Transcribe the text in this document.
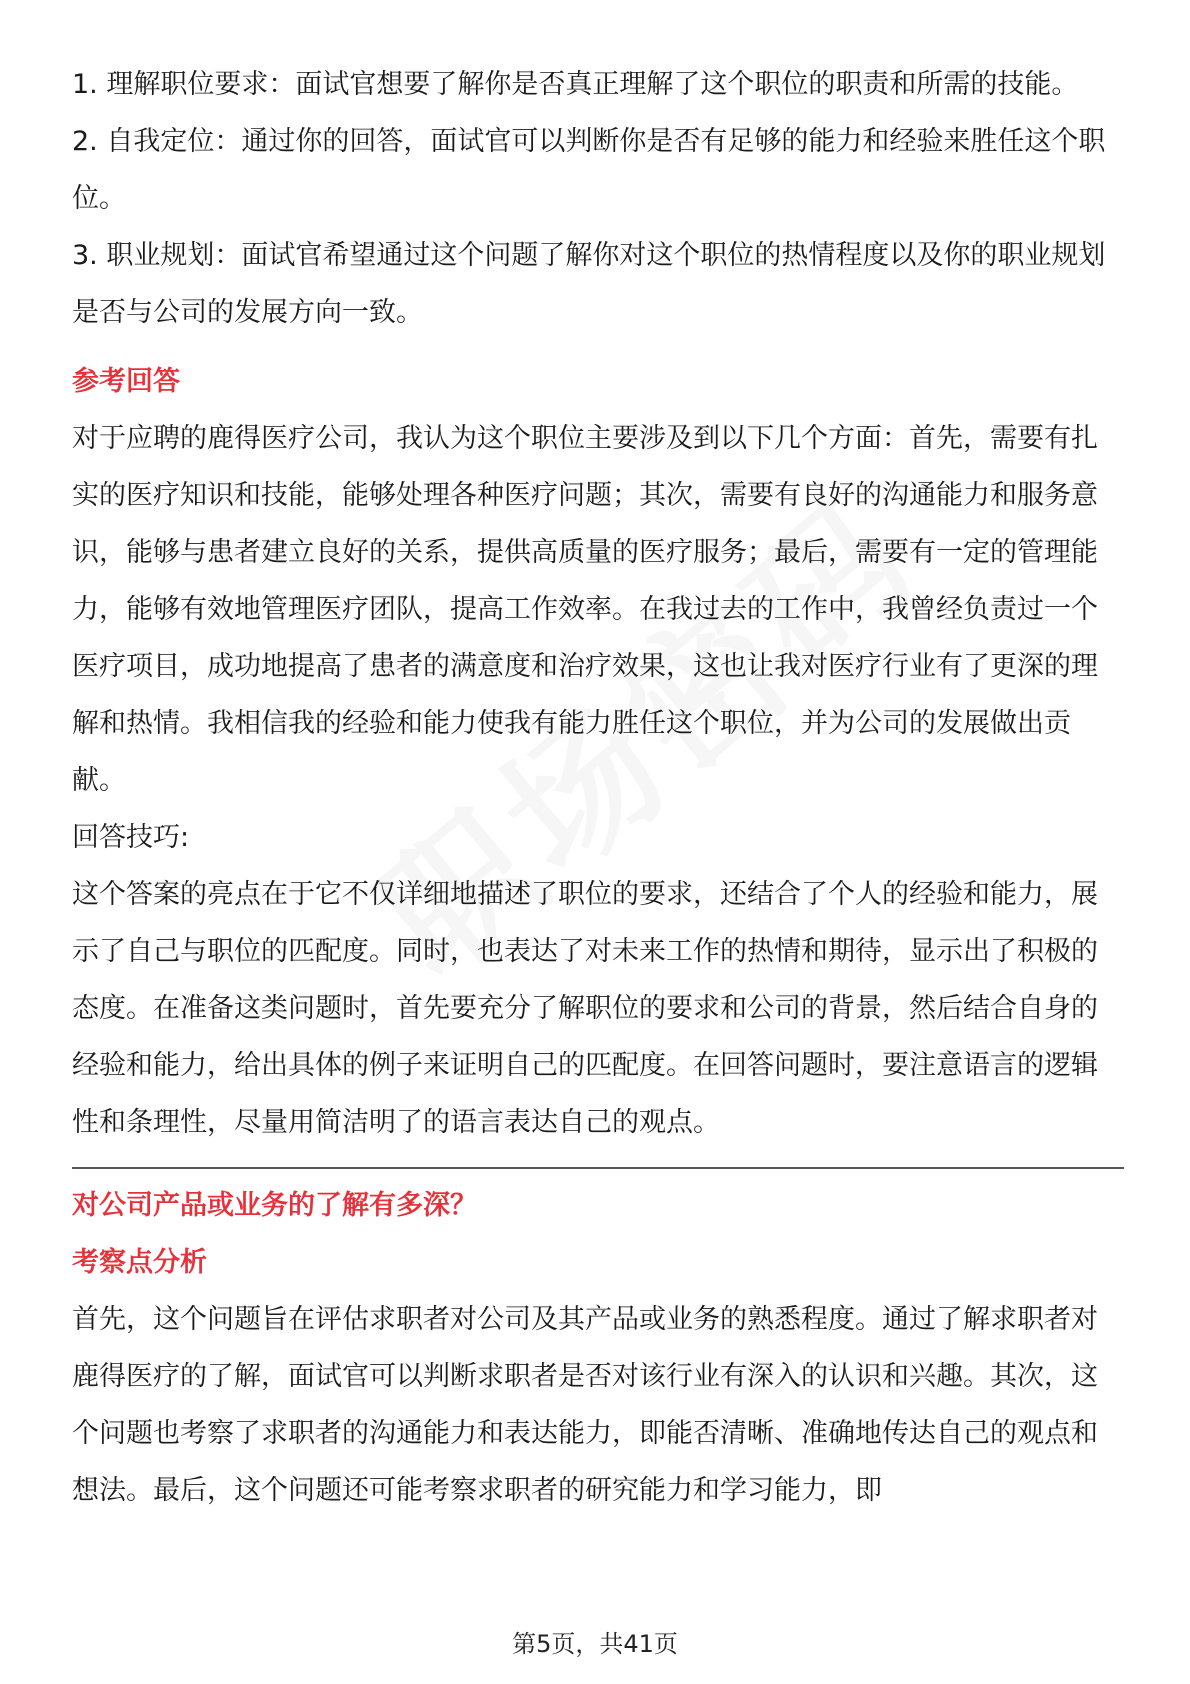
1. 理解职位要求：面试官想要了解你是否真正理解了这个职位的职责和所需的技能。

2. 自我定位：通过你的回答，面试官可以判断你是否有足够的能力和经验来胜任这个职位。

3. 职业规划：面试官希望通过这个问题了解你对这个职位的热情程度以及你的职业规划是否与公司的发展方向一致。

参考回答

对于应聘的鹿得医疗公司，我认为这个职位主要涉及到以下几个方面：首先，需要有扎实的医疗知识和技能，能够处理各种医疗问题；其次，需要有良好的沟通能力和服务意识，能够与患者建立良好的关系，提供高质量的医疗服务；最后，需要有一定的管理能力，能够有效地管理医疗团队，提高工作效率。在我过去的工作中，我曾经负责过一个医疗项目，成功地提高了患者的满意度和治疗效果，这也让我对医疗行业有了更深的理解和热情。我相信我的经验和能力使我有能力胜任这个职位，并为公司的发展做出贡献。

回答技巧:

这个答案的亮点在于它不仅详细地描述了职位的要求，还结合了个人的经验和能力，展示了自己与职位的匹配度。同时，也表达了对未来工作的热情和期待，显示出了积极的态度。在准备这类问题时，首先要充分了解职位的要求和公司的背景，然后结合自身的经验和能力，给出具体的例子来证明自己的匹配度。在回答问题时，要注意语言的逻辑性和条理性，尽量用简洁明了的语言表达自己的观点。

对公司产品或业务的了解有多深？

考察点分析

首先，这个问题旨在评估求职者对公司及其产品或业务的熟悉程度。通过了解求职者对鹿得医疗的了解，面试官可以判断求职者是否对该行业有深入的认识和兴趣。其次，这个问题也考察了求职者的沟通能力和表达能力，即能否清晰、准确地传达自己的观点和想法。最后，这个问题还可能考察求职者的研究能力和学习能力，即

第5页，共41页
